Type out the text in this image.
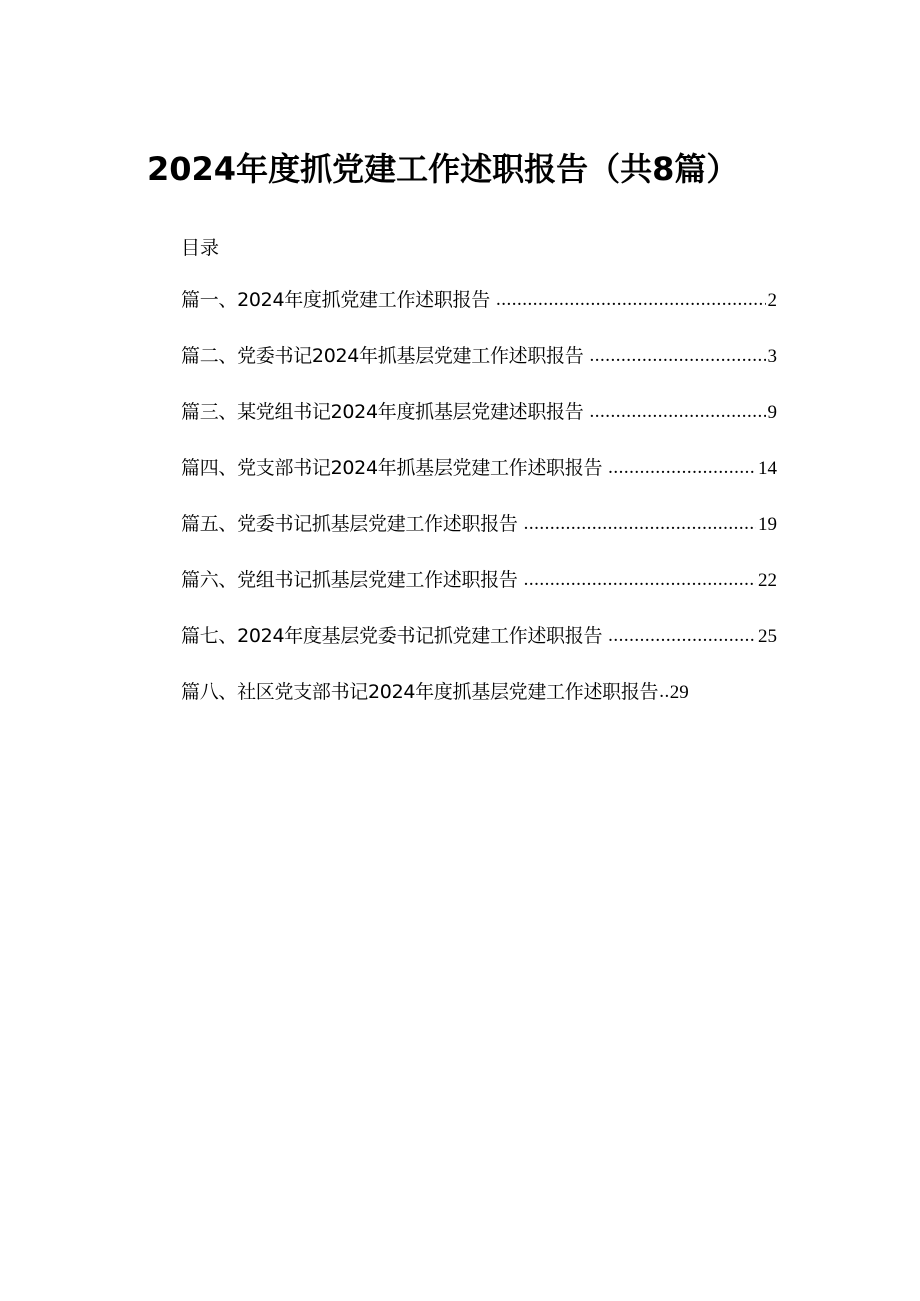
2024年度抓党建工作述职报告（共8篇）
目录
篇一、2024年度抓党建工作述职报告 .....	2
篇二、党委书记2024年抓基层党建工作述职报告 .....	3
篇三、某党组书记2024年度抓基层党建述职报告 .....	9
篇四、党支部书记2024年抓基层党建工作述职报告 .....	14
篇五、党委书记抓基层党建工作述职报告 .....	19
篇六、党组书记抓基层党建工作述职报告 .....	22
篇七、2024年度基层党委书记抓党建工作述职报告 .....	25
篇八、社区党支部书记2024年度抓基层党建工作述职报告 .. 29
